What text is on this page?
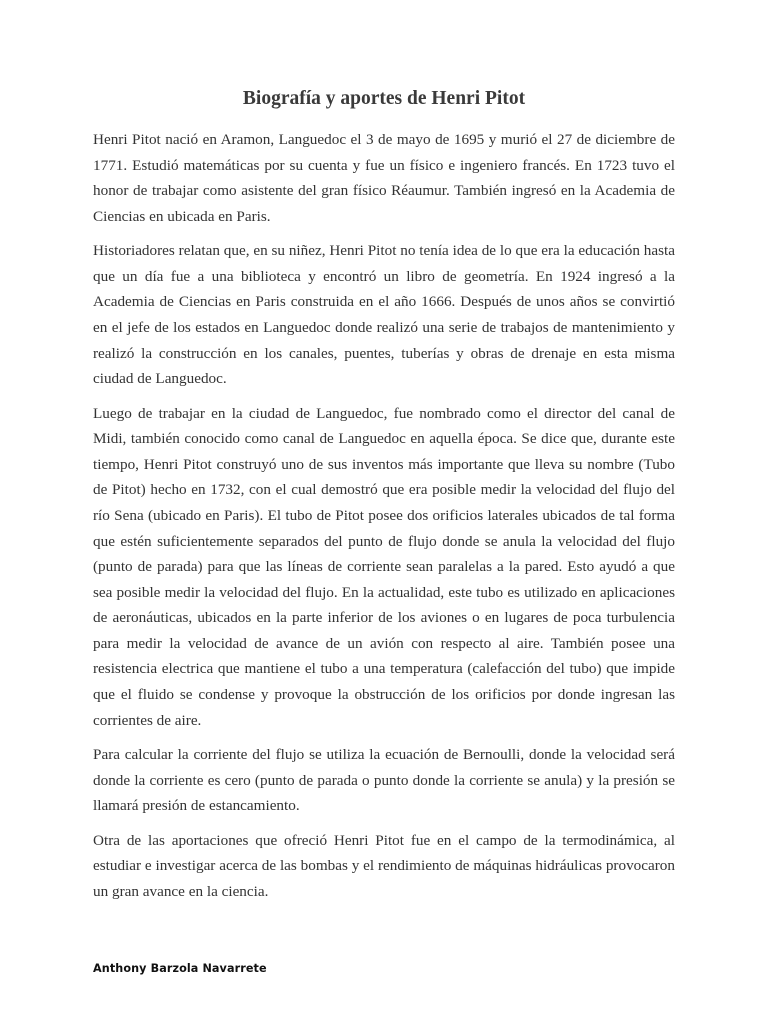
Biografía y aportes de Henri Pitot

Henri Pitot nació en Aramon, Languedoc el 3 de mayo de 1695 y murió el 27 de diciembre de 1771. Estudió matemáticas por su cuenta y fue un físico e ingeniero francés. En 1723 tuvo el honor de trabajar como asistente del gran físico Réaumur. También ingresó en la Academia de Ciencias en ubicada en Paris.

Historiadores relatan que, en su niñez, Henri Pitot no tenía idea de lo que era la educación hasta que un día fue a una biblioteca y encontró un libro de geometría. En 1924 ingresó a la Academia de Ciencias en Paris construida en el año 1666. Después de unos años se convirtió en el jefe de los estados en Languedoc donde realizó una serie de trabajos de mantenimiento y realizó la construcción en los canales, puentes, tuberías y obras de drenaje en esta misma ciudad de Languedoc.

Luego de trabajar en la ciudad de Languedoc, fue nombrado como el director del canal de Midi, también conocido como canal de Languedoc en aquella época. Se dice que, durante este tiempo, Henri Pitot construyó uno de sus inventos más importante que lleva su nombre (Tubo de Pitot) hecho en 1732, con el cual demostró que era posible medir la velocidad del flujo del río Sena (ubicado en Paris). El tubo de Pitot posee dos orificios laterales ubicados de tal forma que estén suficientemente separados del punto de flujo donde se anula la velocidad del flujo (punto de parada) para que las líneas de corriente sean paralelas a la pared. Esto ayudó a que sea posible medir la velocidad del flujo. En la actualidad, este tubo es utilizado en aplicaciones de aeronáuticas, ubicados en la parte inferior de los aviones o en lugares de poca turbulencia para medir la velocidad de avance de un avión con respecto al aire. También posee una resistencia electrica que mantiene el tubo a una temperatura (calefacción del tubo) que impide que el fluido se condense y provoque la obstrucción de los orificios por donde ingresan las corrientes de aire.

Para calcular la corriente del flujo se utiliza la ecuación de Bernoulli, donde la velocidad será donde la corriente es cero (punto de parada o punto donde la corriente se anula) y la presión se llamará presión de estancamiento.

Otra de las aportaciones que ofreció Henri Pitot fue en el campo de la termodinámica, al estudiar e investigar acerca de las bombas y el rendimiento de máquinas hidráulicas provocaron un gran avance en la ciencia.

Anthony Barzola Navarrete
